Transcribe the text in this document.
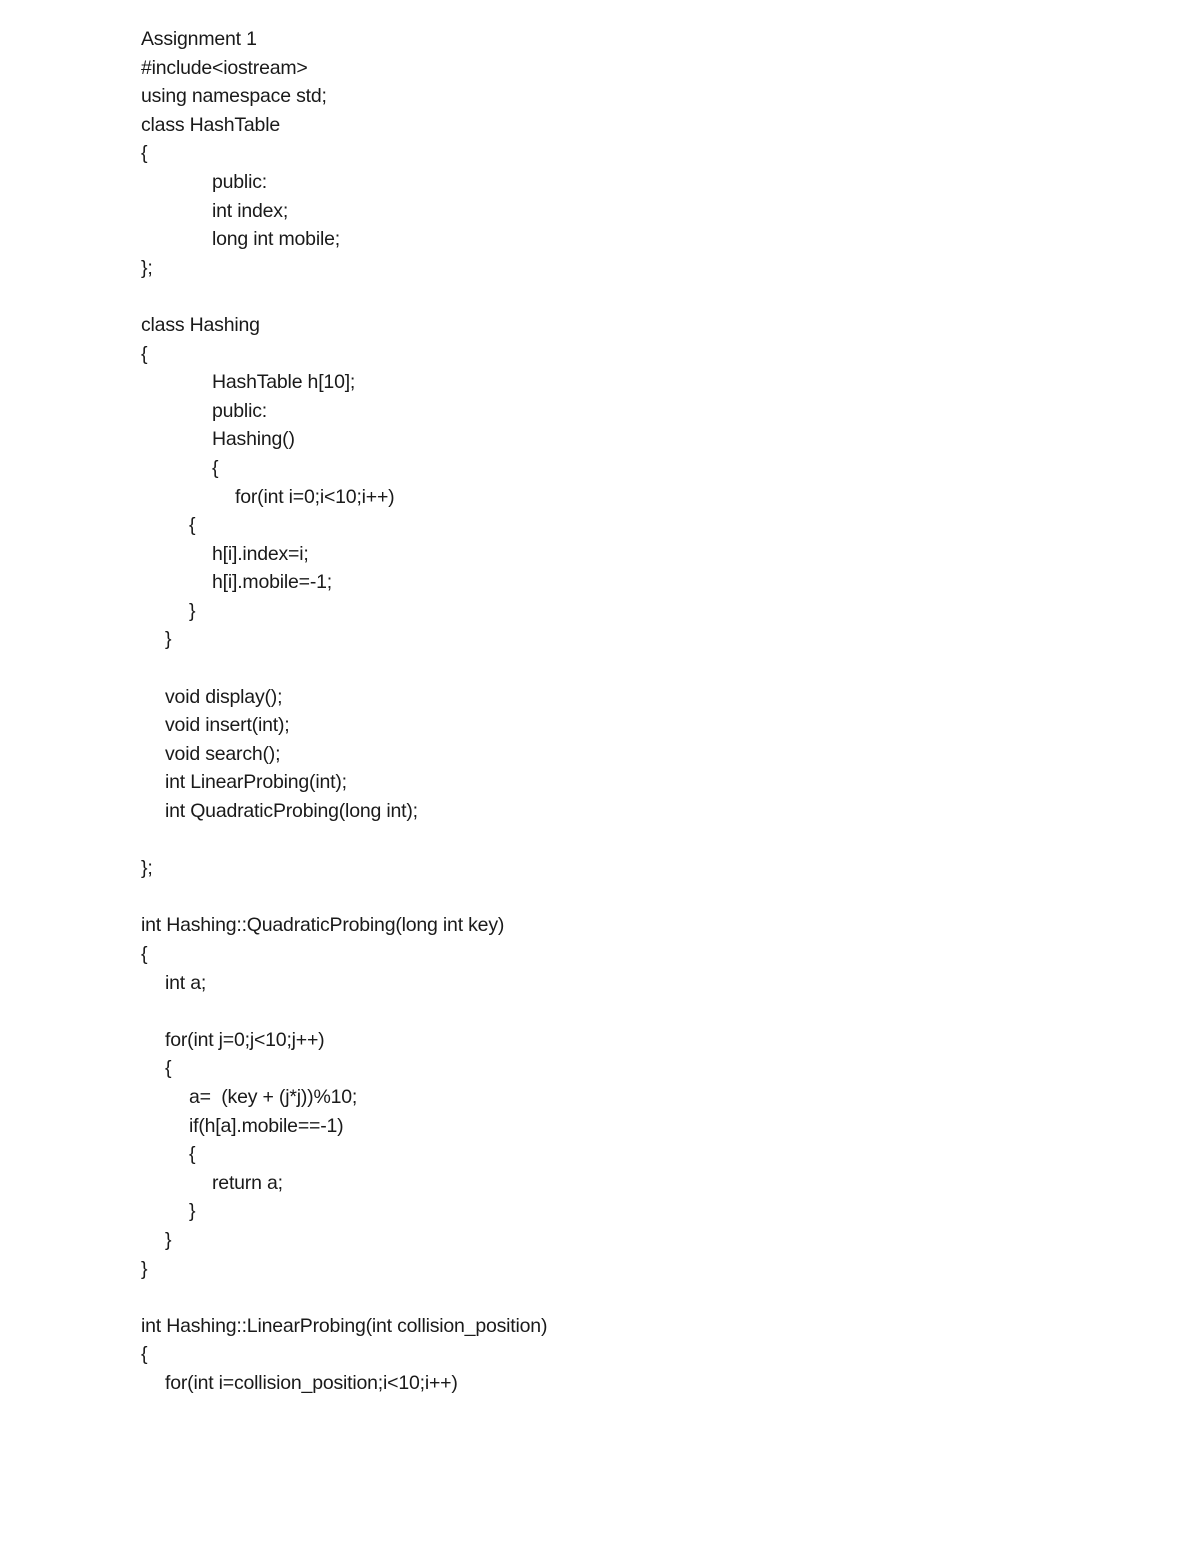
Assignment 1
#include<iostream>
using namespace std;
class HashTable
{
public:
int index;
long int mobile;
};
class Hashing
{
HashTable h[10];
public:
Hashing()
{
for(int i=0;i<10;i++)
{
h[i].index=i;
h[i].mobile=-1;
}
}
void display();
void insert(int);
void search();
int LinearProbing(int);
int QuadraticProbing(long int);
};
int Hashing::QuadraticProbing(long int key)
{
int a;
for(int j=0;j<10;j++)
{
a=  (key + (j*j))%10;
if(h[a].mobile==-1)
{
return a;
}
}
}
int Hashing::LinearProbing(int collision_position)
{
for(int i=collision_position;i<10;i++)
